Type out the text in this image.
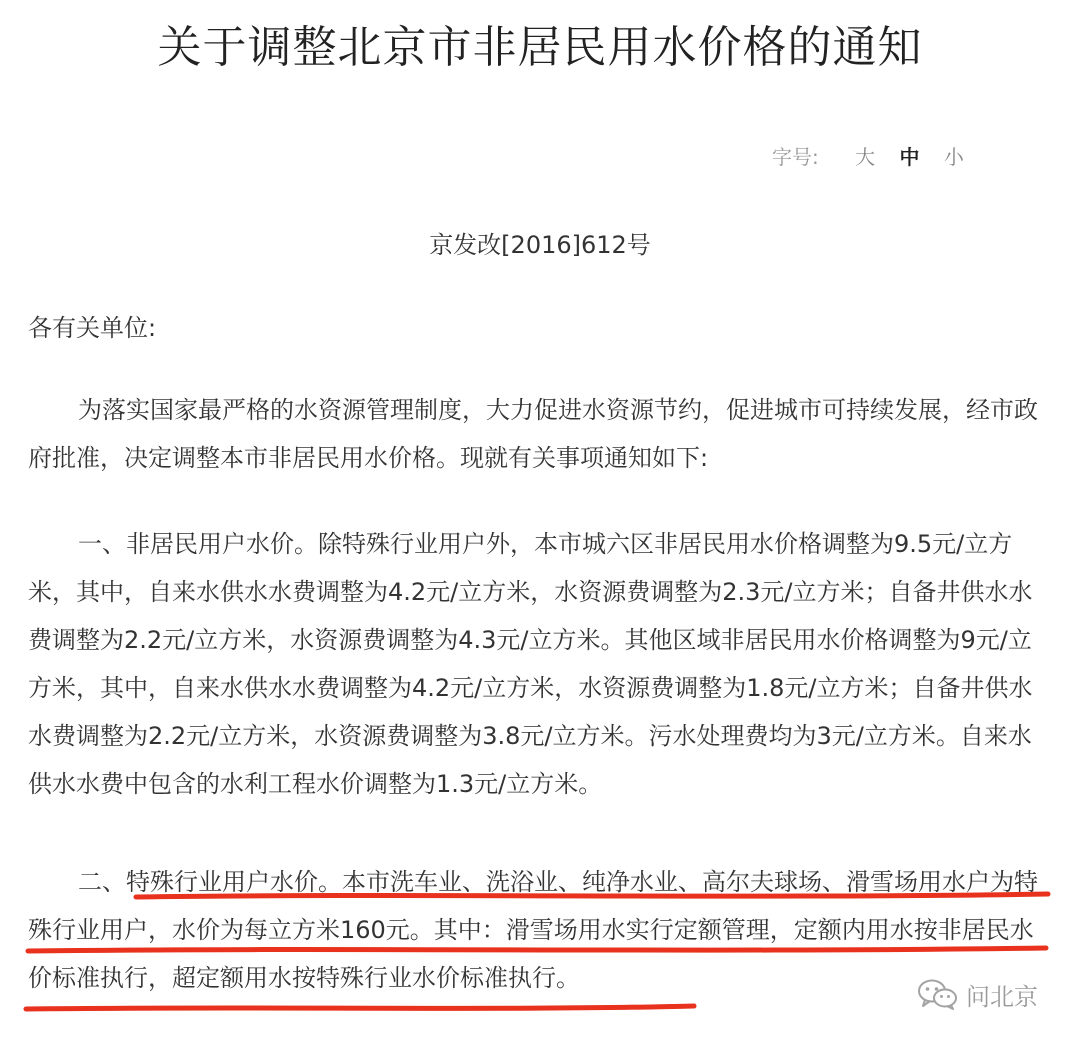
关于调整北京市非居民用水价格的通知
字号: 大 中 小
京发改[2016]612号
各有关单位:

为落实国家最严格的水资源管理制度，大力促进水资源节约，促进城市可持续发展，经市政府批准，决定调整本市非居民用水价格。现就有关事项通知如下:

一、非居民用户水价。除特殊行业用户外，本市城六区非居民用水价格调整为9.5元/立方米，其中，自来水供水水费调整为4.2元/立方米，水资源费调整为2.3元/立方米；自备井供水水费调整为2.2元/立方米，水资源费调整为4.3元/立方米。其他区域非居民用水价格调整为9元/立方米，其中，自来水供水水费调整为4.2元/立方米，水资源费调整为1.8元/立方米；自备井供水水费调整为2.2元/立方米，水资源费调整为3.8元/立方米。污水处理费均为3元/立方米。自来水供水水费中包含的水利工程水价调整为1.3元/立方米。

二、特殊行业用户水价。本市洗车业、洗浴业、纯净水业、高尔夫球场、滑雪场用水户为特殊行业用户，水价为每立方米160元。其中：滑雪场用水实行定额管理，定额内用水按非居民水价标准执行，超定额用水按特殊行业水价标准执行。

问北京
